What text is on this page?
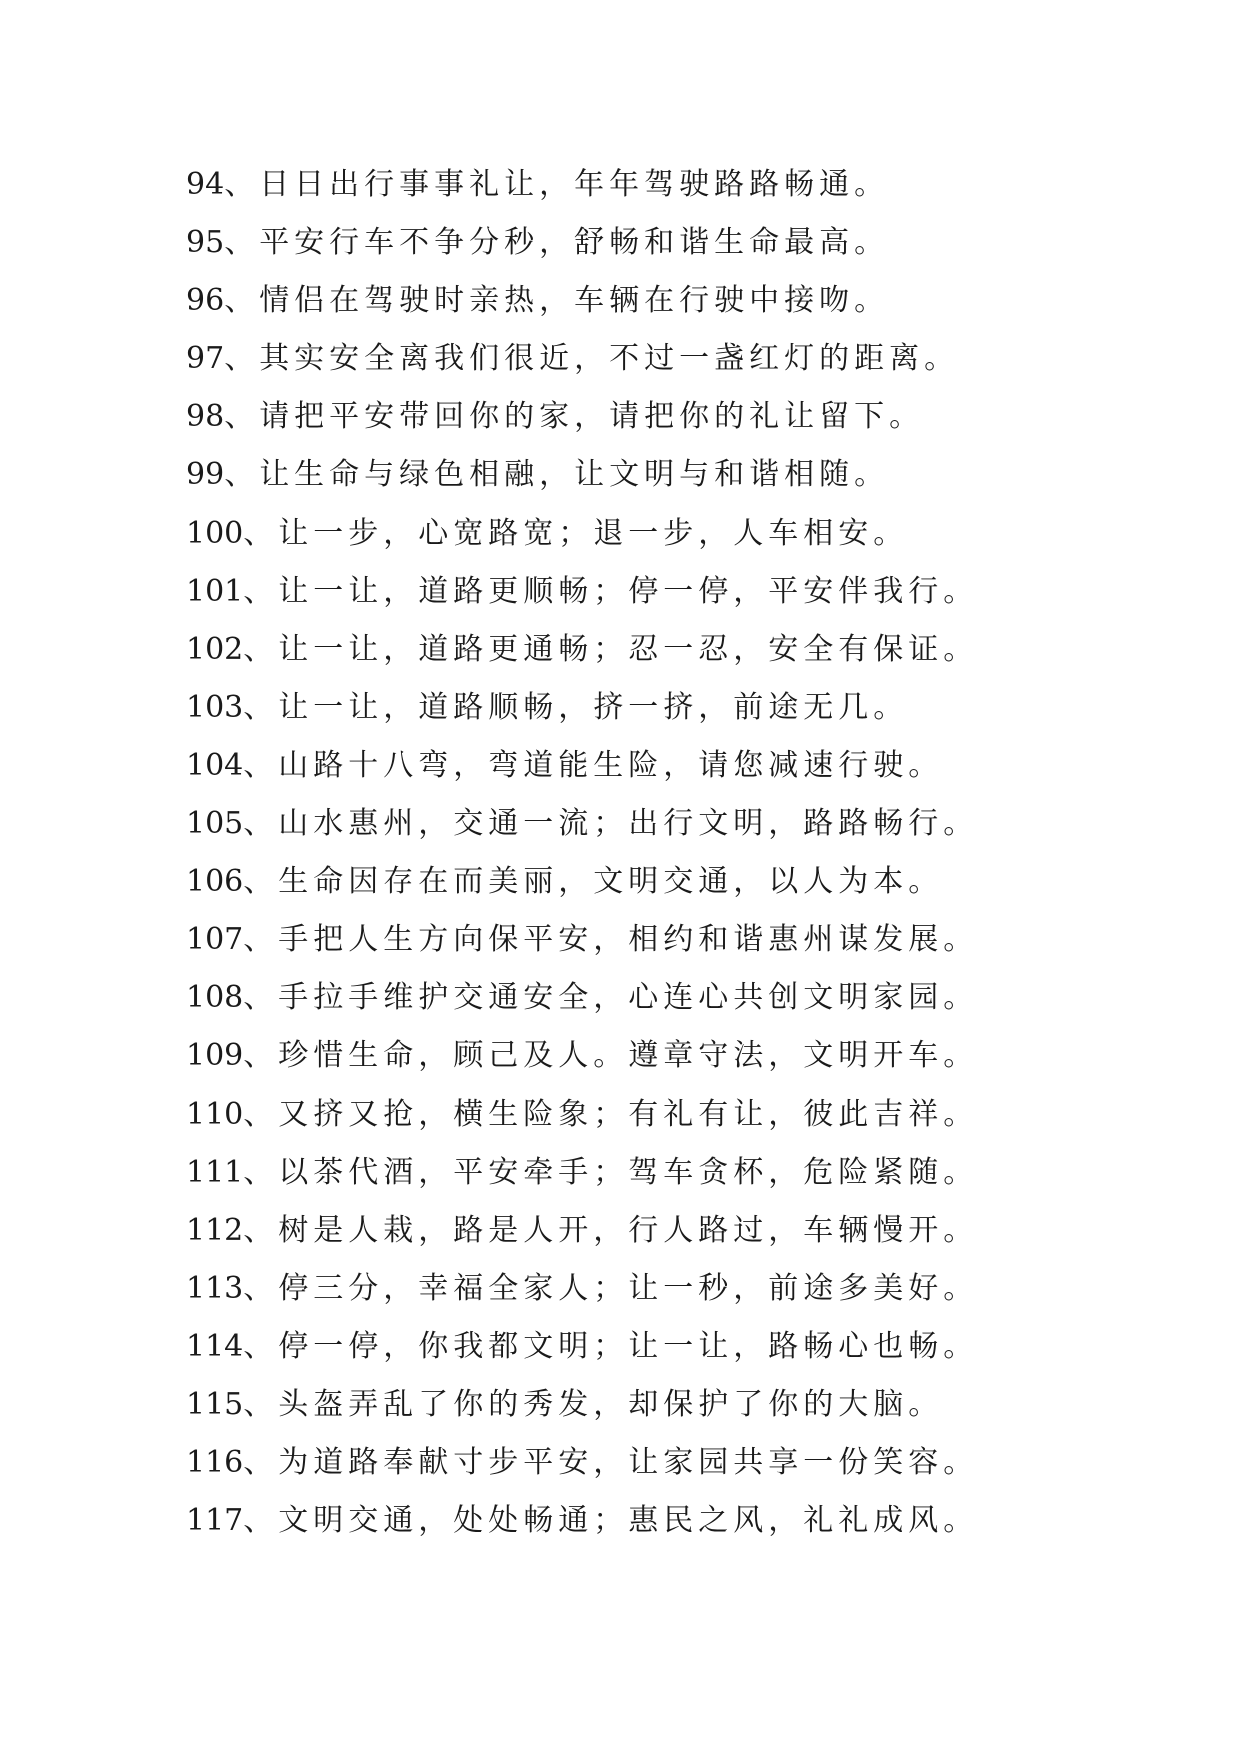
94、日日出行事事礼让，年年驾驶路路畅通。
95、平安行车不争分秒，舒畅和谐生命最高。
96、情侣在驾驶时亲热，车辆在行驶中接吻。
97、其实安全离我们很近，不过一盏红灯的距离。
98、请把平安带回你的家，请把你的礼让留下。
99、让生命与绿色相融，让文明与和谐相随。
100、让一步，心宽路宽；退一步，人车相安。
101、让一让，道路更顺畅；停一停，平安伴我行。
102、让一让，道路更通畅；忍一忍，安全有保证。
103、让一让，道路顺畅，挤一挤，前途无几。
104、山路十八弯，弯道能生险，请您减速行驶。
105、山水惠州，交通一流；出行文明，路路畅行。
106、生命因存在而美丽，文明交通，以人为本。
107、手把人生方向保平安，相约和谐惠州谋发展。
108、手拉手维护交通安全，心连心共创文明家园。
109、珍惜生命，顾己及人。遵章守法，文明开车。
110、又挤又抢，横生险象；有礼有让，彼此吉祥。
111、以茶代酒，平安牵手；驾车贪杯，危险紧随。
112、树是人栽，路是人开，行人路过，车辆慢开。
113、停三分，幸福全家人；让一秒，前途多美好。
114、停一停，你我都文明；让一让，路畅心也畅。
115、头盔弄乱了你的秀发，却保护了你的大脑。
116、为道路奉献寸步平安，让家园共享一份笑容。
117、文明交通，处处畅通；惠民之风，礼礼成风。
